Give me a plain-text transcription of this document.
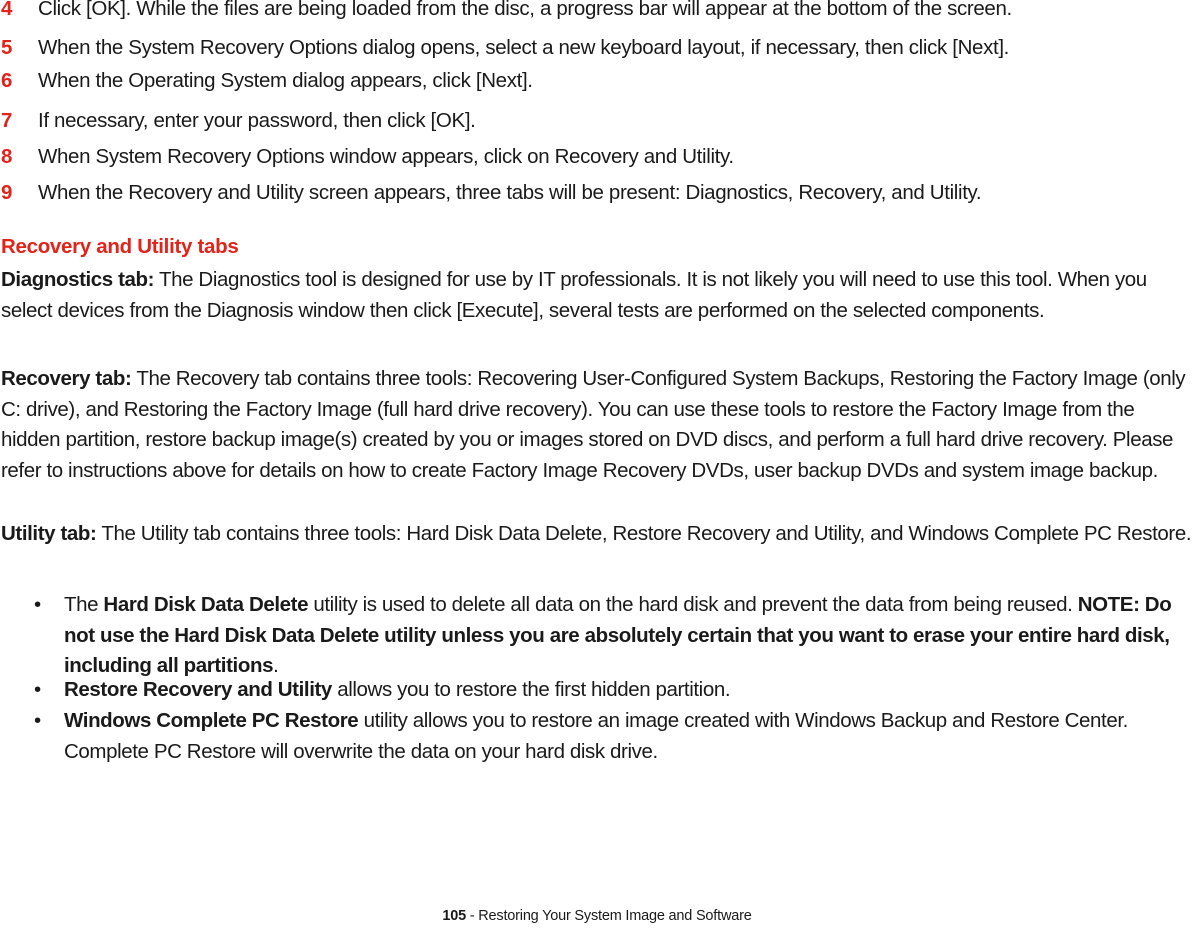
4 Click [OK]. While the files are being loaded from the disc, a progress bar will appear at the bottom of the screen.
5 When the System Recovery Options dialog opens, select a new keyboard layout, if necessary, then click [Next].
6 When the Operating System dialog appears, click [Next].
7 If necessary, enter your password, then click [OK].
8 When System Recovery Options window appears, click on Recovery and Utility.
9 When the Recovery and Utility screen appears, three tabs will be present: Diagnostics, Recovery, and Utility.
Recovery and Utility tabs

Diagnostics tab: The Diagnostics tool is designed for use by IT professionals. It is not likely you will need to use this tool. When you select devices from the Diagnosis window then click [Execute], several tests are performed on the selected components.

Recovery tab: The Recovery tab contains three tools: Recovering User-Configured System Backups, Restoring the Factory Image (only C: drive), and Restoring the Factory Image (full hard drive recovery). You can use these tools to restore the Factory Image from the hidden partition, restore backup image(s) created by you or images stored on DVD discs, and perform a full hard drive recovery. Please refer to instructions above for details on how to create Factory Image Recovery DVDs, user backup DVDs and system image backup.

Utility tab: The Utility tab contains three tools: Hard Disk Data Delete, Restore Recovery and Utility, and Windows Complete PC Restore.

•	The Hard Disk Data Delete utility is used to delete all data on the hard disk and prevent the data from being reused. NOTE: Do not use the Hard Disk Data Delete utility unless you are absolutely certain that you want to erase your entire hard disk, including all partitions.
•	Restore Recovery and Utility allows you to restore the first hidden partition.
•	Windows Complete PC Restore utility allows you to restore an image created with Windows Backup and Restore Center. Complete PC Restore will overwrite the data on your hard disk drive.
105 - Restoring Your System Image and Software
